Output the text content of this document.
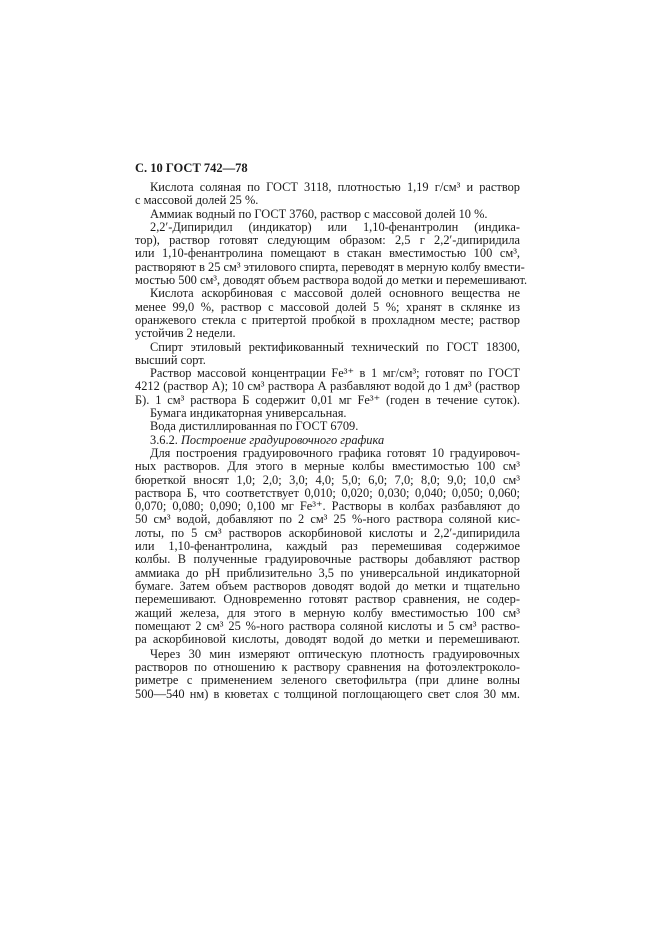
С. 10 ГОСТ 742—78
Кислота соляная по ГОСТ 3118, плотностью 1,19 г/см³ и раствор
с массовой долей 25 %.
Аммиак водный по ГОСТ 3760, раствор с массовой долей 10 %.
2,2′-Дипиридил (индикатор) или 1,10-фенантролин (индика-
тор), раствор готовят следующим образом: 2,5 г 2,2′-дипиридила
или 1,10-фенантролина помещают в стакан вместимостью 100 см³,
растворяют в 25 см³ этилового спирта, переводят в мерную колбу вмести-
мостью 500 см³, доводят объем раствора водой до метки и перемешивают.
Кислота аскорбиновая с массовой долей основного вещества не
менее 99,0 %, раствор с массовой долей 5 %; хранят в склянке из
оранжевого стекла с притертой пробкой в прохладном месте; раствор
устойчив 2 недели.
Спирт этиловый ректификованный технический по ГОСТ 18300,
высший сорт.
Раствор массовой концентрации Fe³⁺ в 1 мг/см³; готовят по ГОСТ
4212 (раствор А); 10 см³ раствора А разбавляют водой до 1 дм³ (раствор
Б). 1 см³ раствора Б содержит 0,01 мг Fe³⁺ (годен в течение суток).
Бумага индикаторная универсальная.
Вода дистиллированная по ГОСТ 6709.
3.6.2. Построение градуировочного графика
Для построения градуировочного графика готовят 10 градуировоч-
ных растворов. Для этого в мерные колбы вместимостью 100 см³
бюреткой вносят 1,0; 2,0; 3,0; 4,0; 5,0; 6,0; 7,0; 8,0; 9,0; 10,0 см³
раствора Б, что соответствует 0,010; 0,020; 0,030; 0,040; 0,050; 0,060;
0,070; 0,080; 0,090; 0,100 мг Fe³⁺. Растворы в колбах разбавляют до
50 см³ водой, добавляют по 2 см³ 25 %-ного раствора соляной кис-
лоты, по 5 см³ растворов аскорбиновой кислоты и 2,2′-дипиридила
или 1,10-фенантролина, каждый раз перемешивая содержимое
колбы. В полученные градуировочные растворы добавляют раствор
аммиака до pH приблизительно 3,5 по универсальной индикаторной
бумаге. Затем объем растворов доводят водой до метки и тщательно
перемешивают. Одновременно готовят раствор сравнения, не содер-
жащий железа, для этого в мерную колбу вместимостью 100 см³
помещают 2 см³ 25 %-ного раствора соляной кислоты и 5 см³ раство-
ра аскорбиновой кислоты, доводят водой до метки и перемешивают.
Через 30 мин измеряют оптическую плотность градуировочных
растворов по отношению к раствору сравнения на фотоэлектроколо-
риметре с применением зеленого светофильтра (при длине волны
500—540 нм) в кюветах с толщиной поглощающего свет слоя 30 мм.
